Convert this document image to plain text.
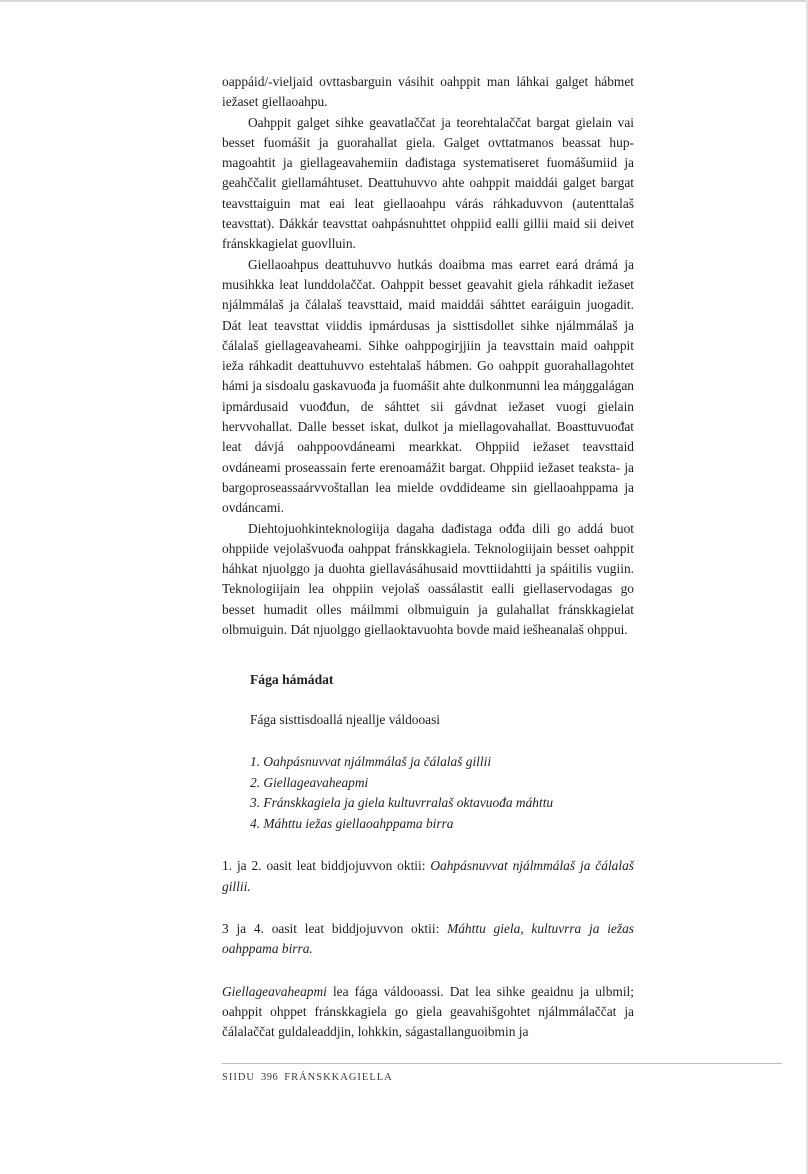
oappáid/-vieljaid ovttasbarguin vásihit oahppit man láhkai galget hábmet iežaset giellaoahpu.

Oahppit galget sihke geavatlaččat ja teorehtalaččat bargat gielain vai besset fuomášit ja guorahallat giela. Galget ovttatmanos beassat hupmagoahtit ja giellageavahemiin dađistaga systematiseret fuomášumiid ja geahččalit giellamáhtuset. Deattuhuvvo ahte oahppit maiddái galget bargat teavsttaiguin mat eai leat giellaoahpu várás ráhkaduvvon (autenttalaš teavsttat). Dákkár teavsttat oahpásnuhttet ohppiid ealli gillii maid sii deivet fránskkagielat guovlluin.

Giellaoahpus deattuhuvvo hutkás doaibma mas earret eará drámá ja musihkka leat lunddolaččat. Oahppit besset geavahit giela ráhkadit iežaset njálmmálaš ja čálalaš teavsttaid, maid maiddái sáhttet earáiguin juogadit. Dát leat teavsttat viiddis ipmárdusas ja sisttisdollet sihke njálmmálaš ja čálalaš giellageavaheami. Sihke oahppogirjjiin ja teavsttain maid oahppit ieža ráhkadit deattuhuvvo estehtalaš hábmen. Go oahppit guorahallagohtet hámi ja sisdoalu gaskavuođa ja fuomášit ahte dulkonmunni lea máŋggalágan ipmárdusaid vuođđun, de sáhttet sii gávdnat iežaset vuogi gielain hervvohallat. Dalle besset iskat, dulkot ja miellagovahallat. Boasttuvuođat leat dávjá oahppoovdáneami mearkkat. Ohppiid iežaset teavsttaid ovdáneami proseassain ferte erenoamážit bargat. Ohppiid iežaset teaksta- ja bargoproseassaárvvoštallan lea mielde ovddideame sin giellaoahppama ja ovdáncami.

Diehtojuohkinteknologiija dagaha dađistaga ođđa dili go addá buot ohppiide vejolašvuođa oahppat fránskkagiela. Teknologiijain besset oahppit háhkat njuolggo ja duohta giellavásáhusaid movttiidahtti ja spáitilis vugiin. Teknologiijain lea ohppiin vejolaš oassálastit ealli giellaservodagas go besset humadit olles máilmmi olbmuiguin ja gulahallat fránskkagielat olbmuiguin. Dát njuolggo giellaoktavuohta bovde maid iešheanalaš ohppui.

Fága hámádat

Fága sisttisdoallá njealljе váldooasi

1. Oahpásnuvvat njálmmálaš ja čálalaš gillii
2. Giellageavaheapmi
3. Fránskkagiela ja giela kultuvrralaš oktavuođa máhttu
4. Máhttu iežas giellaoahppama birra

1. ja 2. oasit leat biddjojuvvon oktii: Oahpásnuvvat njálmmálaš ja čálalaš gillii.

3 ja 4. oasit leat biddjojuvvon oktii: Máhttu giela, kultuvrra ja iežas oahppama birra.

Giellageavaheapmi lea fága váldooassi. Dat lea sihke geaidnu ja ulbmil; oahppit ohppet fránskkagiela go giela geavahišgohtet njálmmálaččat ja čálalaččat guldaleaddjin, lohkkin, ságastallanguoibmin ja

SIIDU 396 FRÁNSKKAGIELLA
